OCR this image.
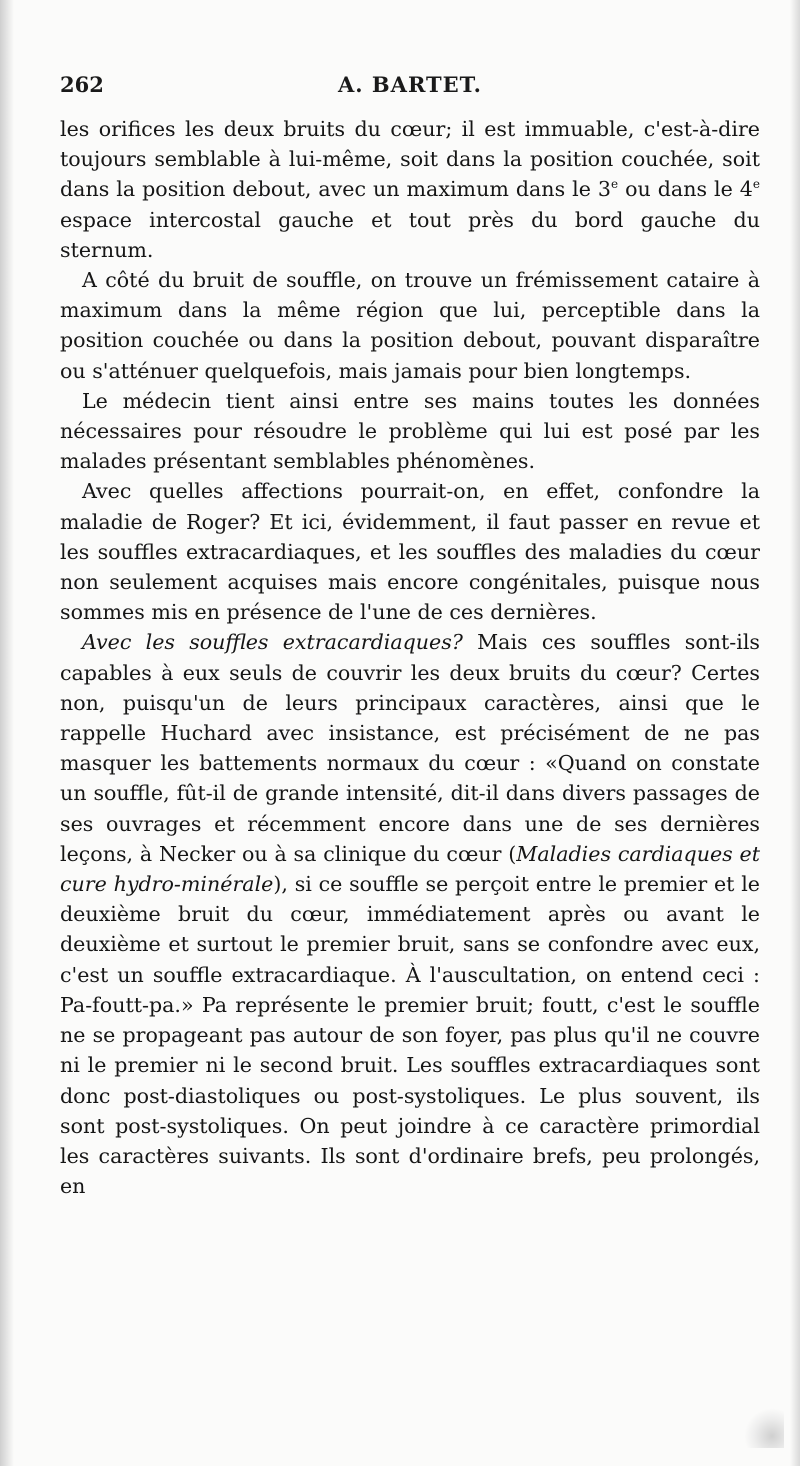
262	A. BARTET.

les orifices les deux bruits du cœur; il est immuable, c'est-à-dire toujours semblable à lui-même, soit dans la position couchée, soit dans la position debout, avec un maximum dans le 3e ou dans le 4e espace intercostal gauche et tout près du bord gauche du sternum.

A côté du bruit de souffle, on trouve un frémissement cataire à maximum dans la même région que lui, perceptible dans la position couchée ou dans la position debout, pouvant disparaître ou s'atténuer quelquefois, mais jamais pour bien longtemps.

Le médecin tient ainsi entre ses mains toutes les données nécessaires pour résoudre le problème qui lui est posé par les malades présentant semblables phénomènes.

Avec quelles affections pourrait-on, en effet, confondre la maladie de Roger? Et ici, évidemment, il faut passer en revue et les souffles extracardiaques, et les souffles des maladies du cœur non seulement acquises mais encore congénitales, puisque nous sommes mis en présence de l'une de ces dernières.

Avec les souffles extracardiaques? Mais ces souffles sont-ils capables à eux seuls de couvrir les deux bruits du cœur? Certes non, puisqu'un de leurs principaux caractères, ainsi que le rappelle Huchard avec insistance, est précisément de ne pas masquer les battements normaux du cœur : «Quand on constate un souffle, fût-il de grande intensité, dit-il dans divers passages de ses ouvrages et récemment encore dans une de ses dernières leçons, à Necker ou à sa clinique du cœur (Maladies cardiaques et cure hydro-minérale), si ce souffle se perçoit entre le premier et le deuxième bruit du cœur, immédiatement après ou avant le deuxième et surtout le premier bruit, sans se confondre avec eux, c'est un souffle extracardiaque. À l'auscultation, on entend ceci : Pa-foutt-pa.» Pa représente le premier bruit; foutt, c'est le souffle ne se propageant pas autour de son foyer, pas plus qu'il ne couvre ni le premier ni le second bruit. Les souffles extracardiaques sont donc post-diastoliques ou post-systoliques. Le plus souvent, ils sont post-systoliques. On peut joindre à ce caractère primordial les caractères suivants. Ils sont d'ordinaire brefs, peu prolongés, en
